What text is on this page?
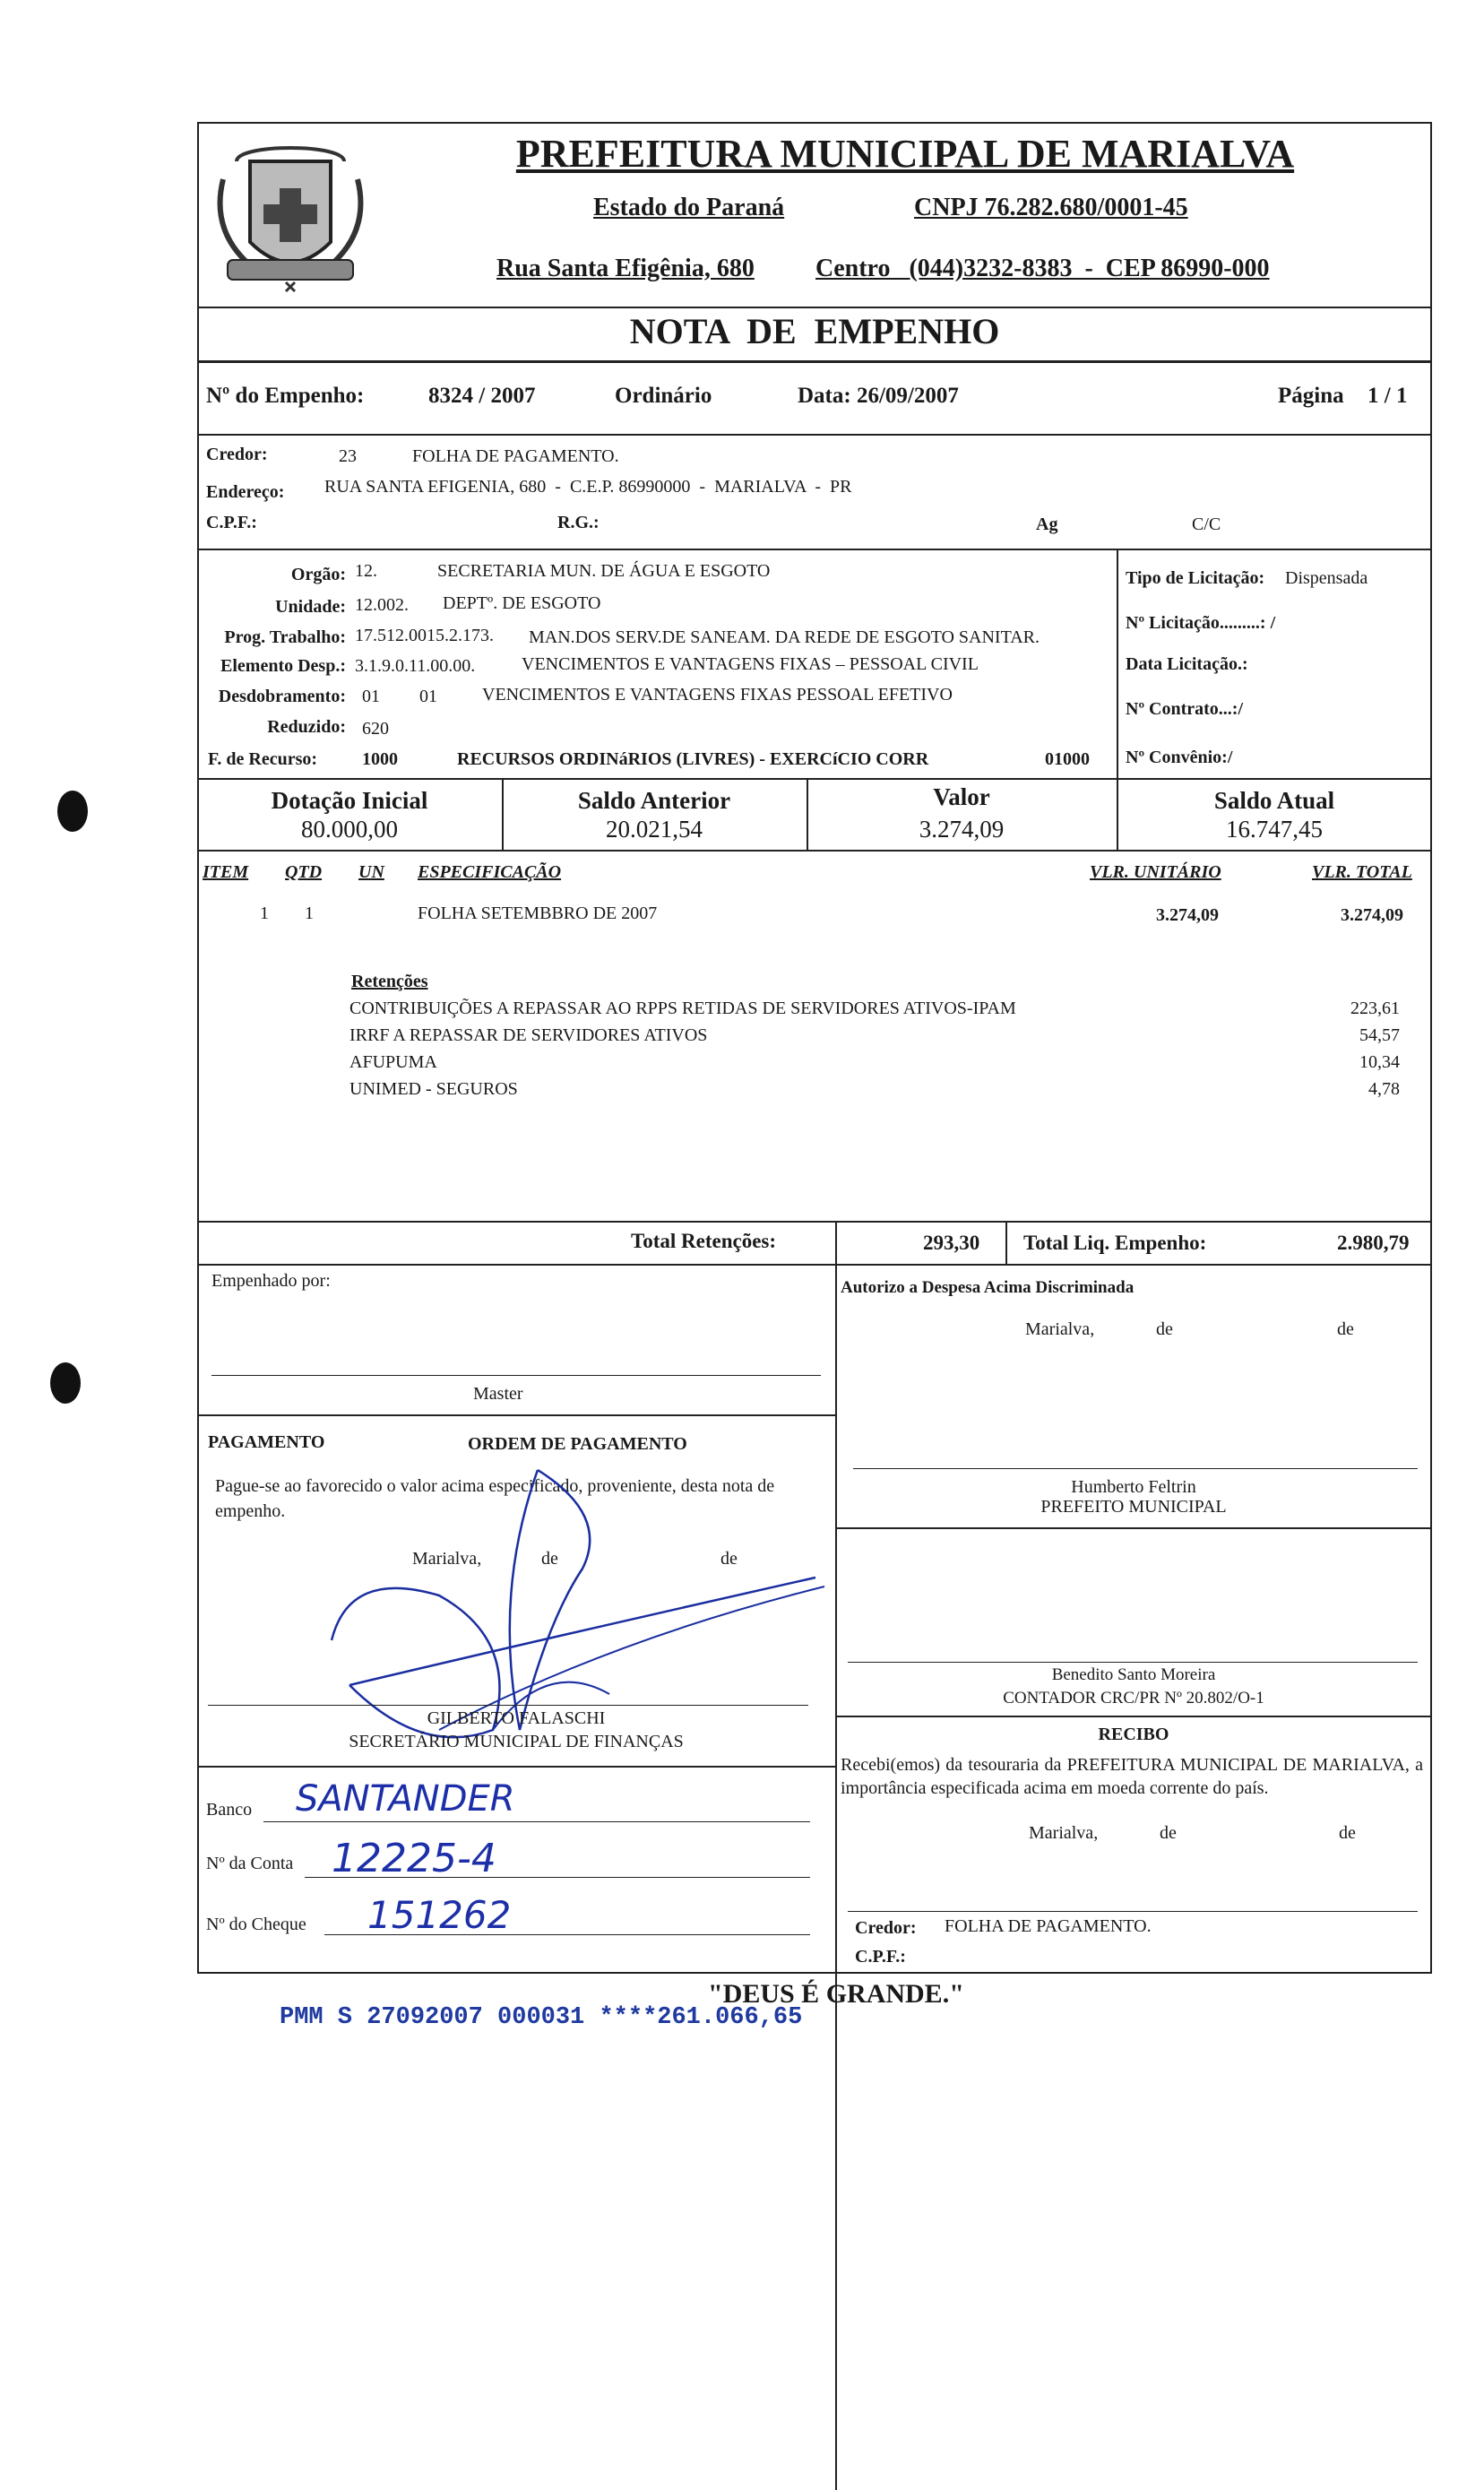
PREFEITURA MUNICIPAL DE MARIALVA
Estado do Paraná	CNPJ 76.282.680/0001-45
Rua Santa Efigênia, 680 Centro   (044)3232-8383  -  CEP 86990-000
NOTA  DE  EMPENHO
Nº do Empenho:	8324 / 2007	Ordinário	Data: 26/09/2007	Página 1 / 1
Credor:	23	FOLHA DE PAGAMENTO.
Endereço: RUA SANTA EFIGENIA, 680  -  C.E.P. 86990000  -  MARIALVA  -  PR
C.P.F.:	R.G.:	Ag	C/C
Orgão: 12.	SECRETARIA MUN. DE ÁGUA E ESGOTO
Unidade: 12.002. DEPTº. DE ESGOTO
Prog. Trabalho: 17.512.0015.2.173. MAN.DOS SERV.DE SANEAM. DA REDE DE ESGOTO SANITAR.
Elemento Desp.: 3.1.9.0.11.00.00.	VENCIMENTOS E VANTAGENS FIXAS – PESSOAL CIVIL
Desdobramento: 01 01	VENCIMENTOS E VANTAGENS FIXAS PESSOAL EFETIVO
Reduzido: 620
F. de Recurso: 1000	RECURSOS ORDINáRIOS (LIVRES) - EXERCíCIO CORR	01000
Tipo de Licitação: Dispensada
Nº Licitação.........: /
Data Licitação.:
Nº Contrato...:/
Nº Convênio:/
Dotação Inicial
80.000,00
Saldo Anterior
20.021,54
Valor
3.274,09
Saldo Atual
16.747,45
ITEM QTD UN ESPECIFICAÇÃO	VLR. UNITÁRIO	VLR. TOTAL
1 1	FOLHA SETEMBBRO DE 2007	3.274,09	3.274,09
Retenções
CONTRIBUIÇÕES A REPASSAR AO RPPS RETIDAS DE SERVIDORES ATIVOS-IPAM	223,61
IRRF A REPASSAR DE SERVIDORES ATIVOS	54,57
AFUPUMA	10,34
UNIMED - SEGUROS	4,78
Total Retenções:	293,30 Total Liq. Empenho:	2.980,79
Empenhado por:
Master
PAGAMENTO	ORDEM DE PAGAMENTO
Pague-se ao favorecido o valor acima especificado, proveniente, desta nota de empenho.
Marialva,	de	de
GILBERTO FALASCHI
SECRETÁRIO MUNICIPAL DE FINANÇAS
Banco SANTANDER
Nº da Conta 12225-4
Nº do Cheque 151262
Autorizo a Despesa Acima Discriminada
Marialva,	de	de
Humberto Feltrin
PREFEITO MUNICIPAL
Benedito Santo Moreira
CONTADOR CRC/PR Nº 20.802/O-1
RECIBO
Recebi(emos) da tesouraria da PREFEITURA MUNICIPAL DE MARIALVA, a importância especificada acima em moeda corrente do país.
Marialva,	de	de
Credor: FOLHA DE PAGAMENTO.
C.P.F.:
"DEUS É GRANDE."
PMM S 27092007 000031 ****261.066,65
